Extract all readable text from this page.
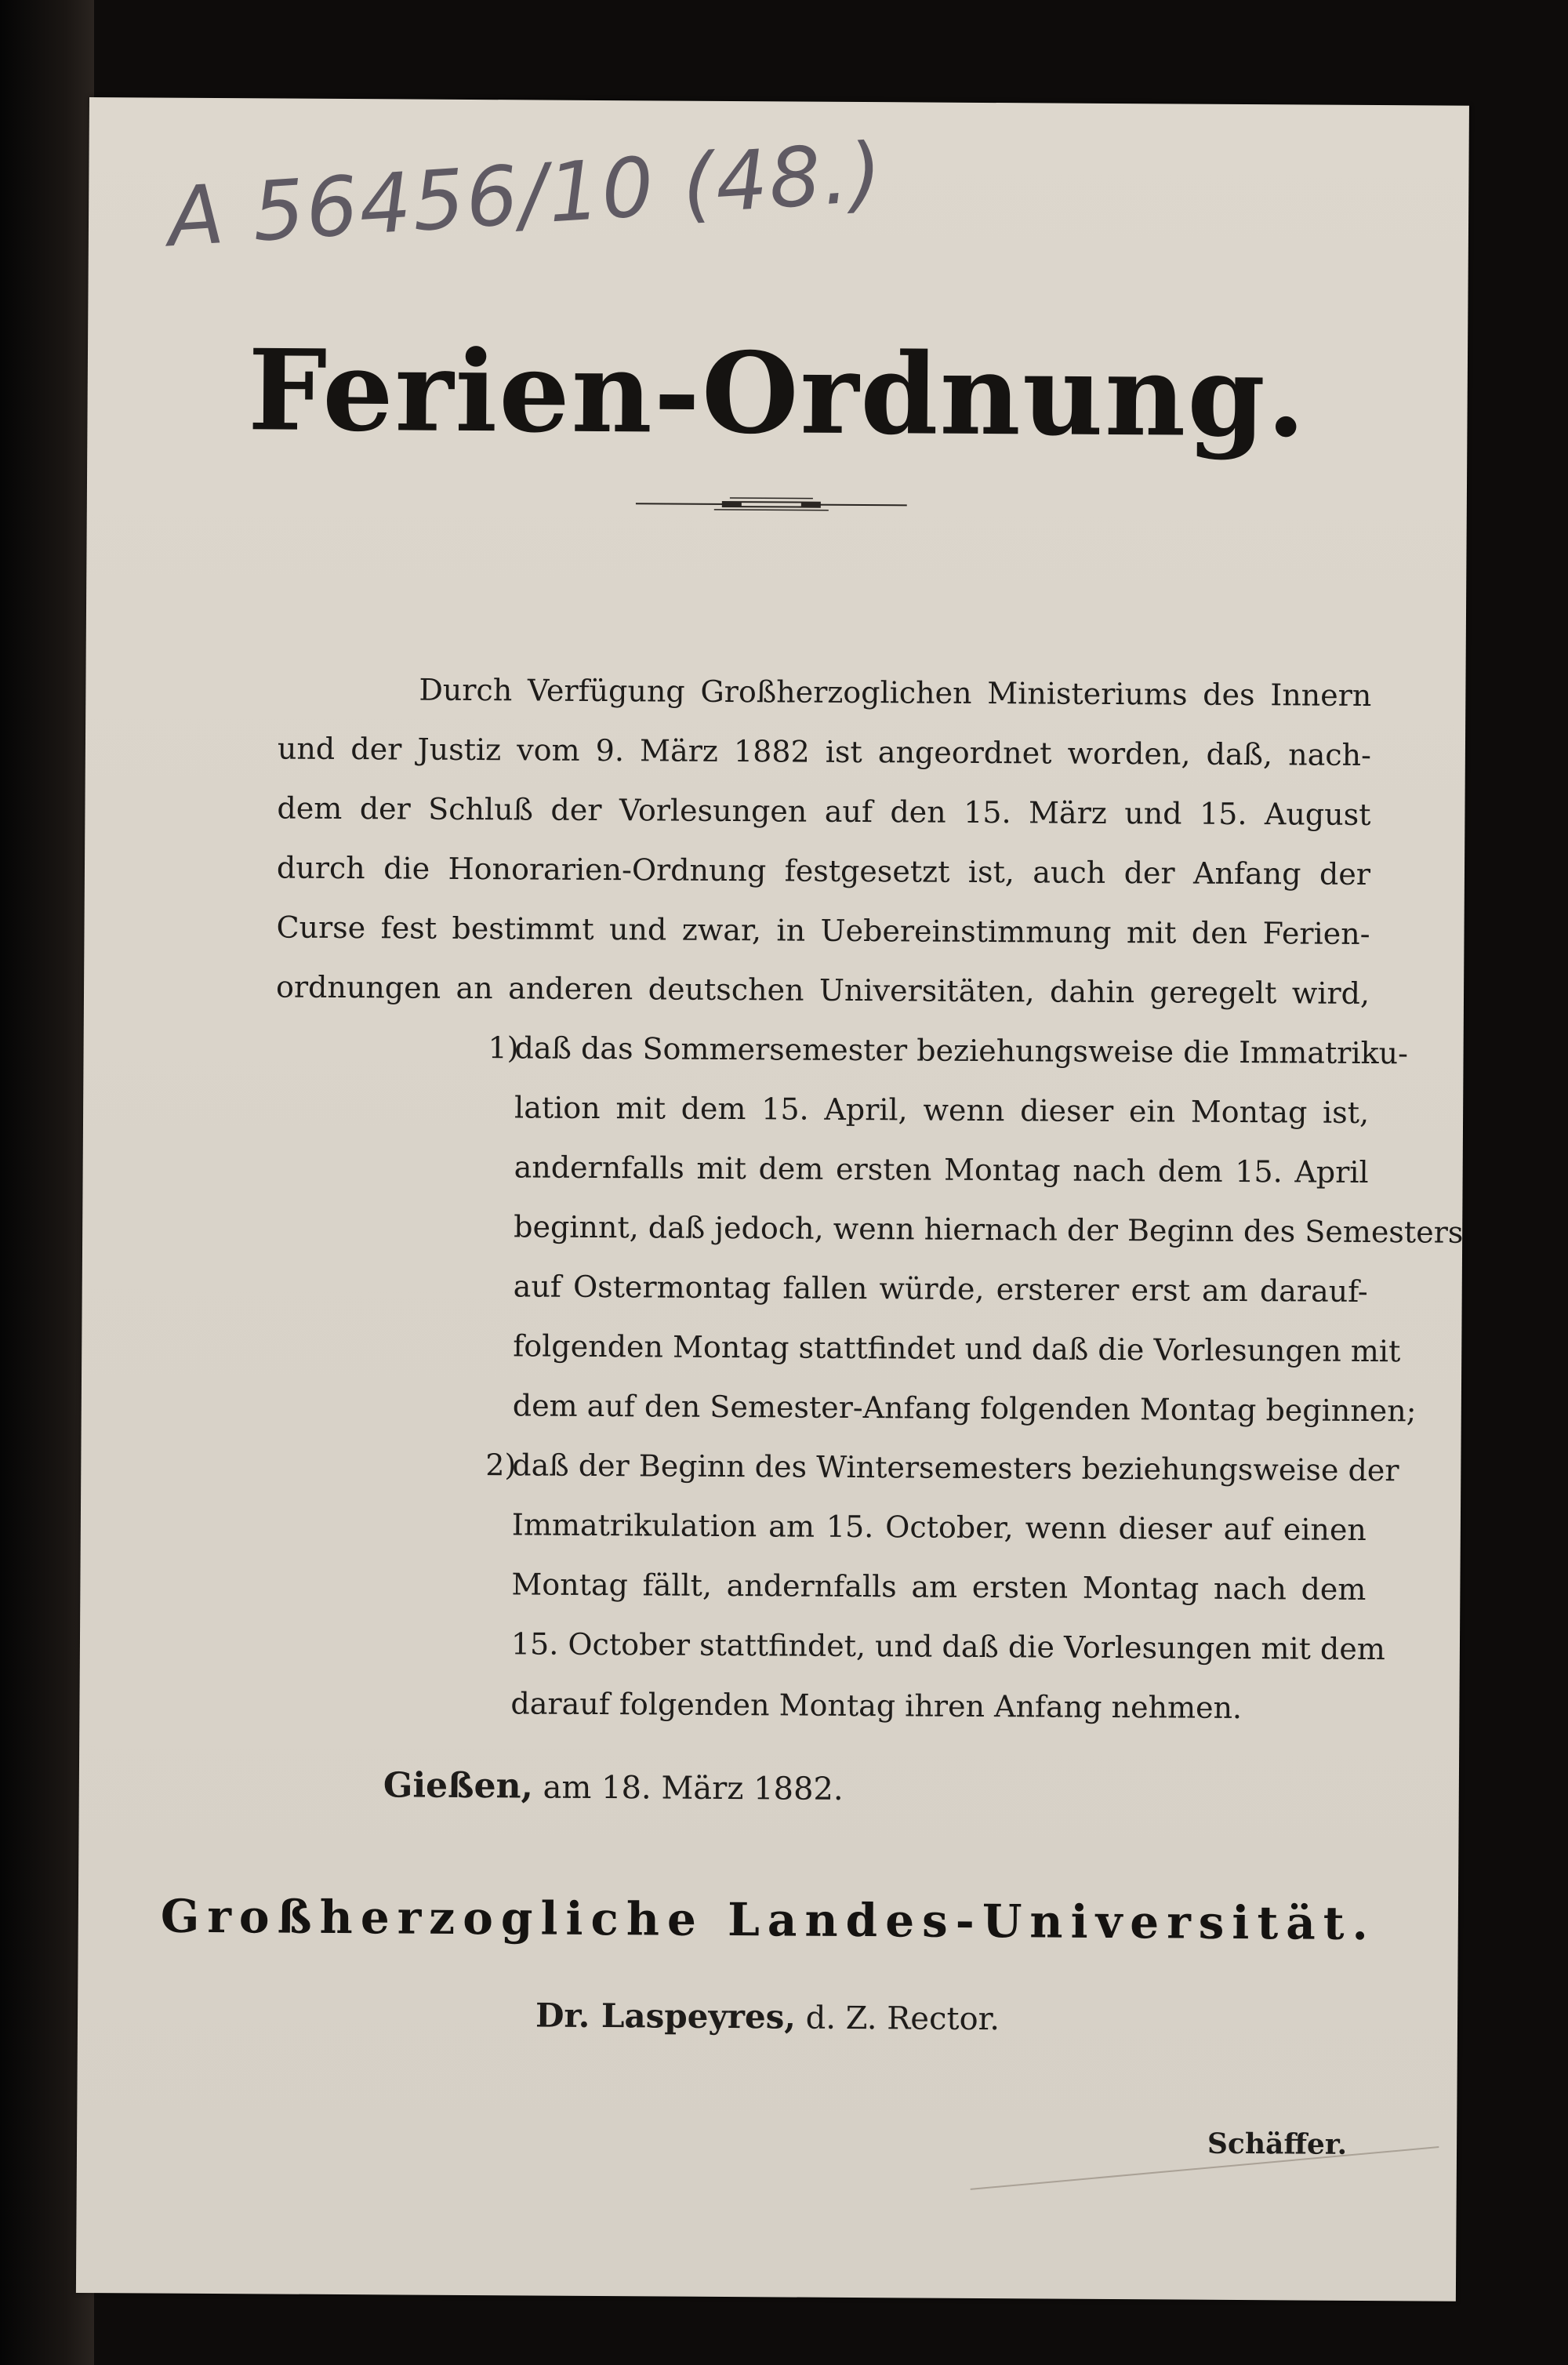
A 56456/10 (48.)
Ferien-Ordnung.
Durch Verfügung Großherzoglichen Ministeriums des Innern
und der Justiz vom 9. März 1882 ist angeordnet worden, daß, nach-
dem der Schluß der Vorlesungen auf den 15. März und 15. August
durch die Honorarien-Ordnung festgesetzt ist, auch der Anfang der
Curse fest bestimmt und zwar, in Uebereinstimmung mit den Ferien-
ordnungen an anderen deutschen Universitäten, dahin geregelt wird,
1)
daß das Sommersemester beziehungsweise die Immatriku-
lation mit dem 15. April, wenn dieser ein Montag ist,
andernfalls mit dem ersten Montag nach dem 15. April
beginnt, daß jedoch, wenn hiernach der Beginn des Semesters
auf Ostermontag fallen würde, ersterer erst am darauf-
folgenden Montag stattfindet und daß die Vorlesungen mit
dem auf den Semester-Anfang folgenden Montag beginnen;
2)
daß der Beginn des Wintersemesters beziehungsweise der
Immatrikulation am 15. October, wenn dieser auf einen
Montag fällt, andernfalls am ersten Montag nach dem
15. October stattfindet, und daß die Vorlesungen mit dem
darauf folgenden Montag ihren Anfang nehmen.
Gießen, am 18. März 1882.
Großherzogliche Landes-Universität.
Dr. Laspeyres, d. Z. Rector.
Schäffer.
